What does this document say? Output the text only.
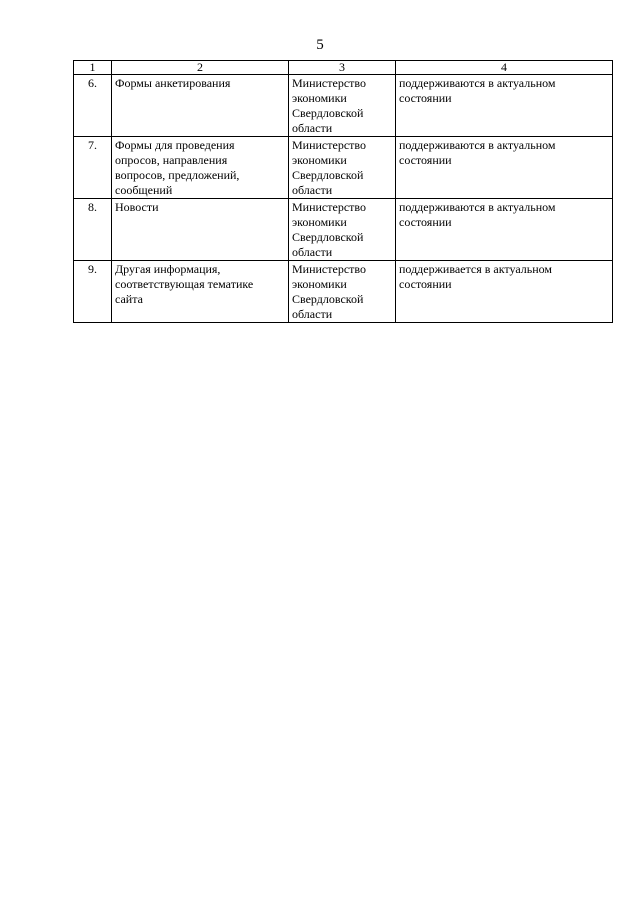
5
1	2	3	4

6.	Формы анкетирования	Министерство
экономики
Свердловской
области	поддерживаются в актуальном
состоянии

7.	Формы для проведения
опросов, направления
вопросов, предложений,
сообщений	Министерство
экономики
Свердловской
области	поддерживаются в актуальном
состоянии

8.	Новости	Министерство
экономики
Свердловской
области	поддерживаются в актуальном
состоянии

9.	Другая информация,
соответствующая тематике
сайта	Министерство
экономики
Свердловской
области	поддерживается в актуальном
состоянии
